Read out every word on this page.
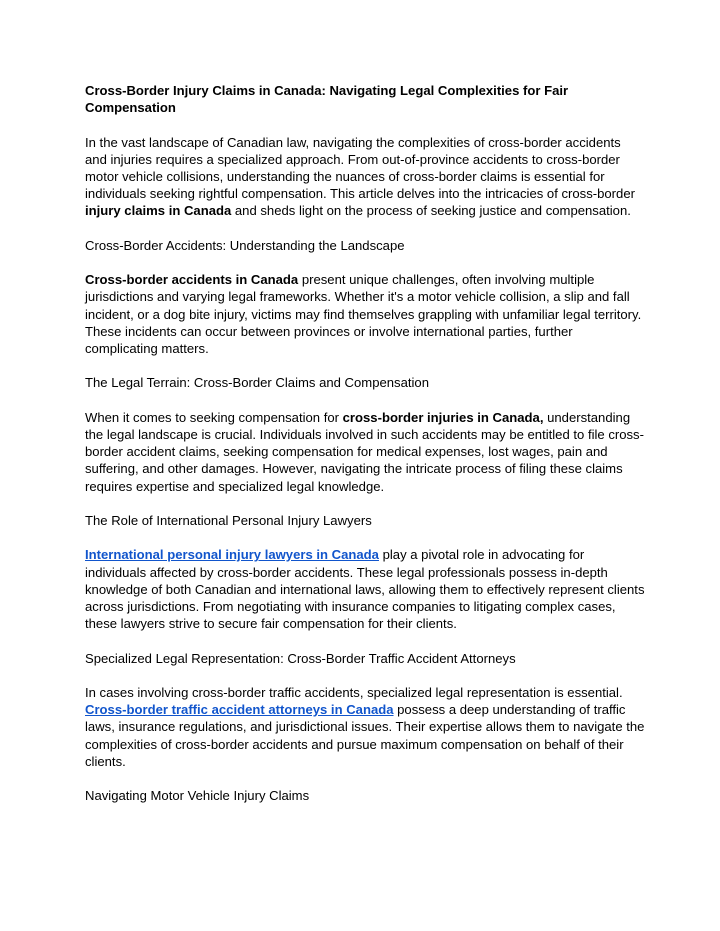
Cross-Border Injury Claims in Canada: Navigating Legal Complexities for Fair Compensation

In the vast landscape of Canadian law, navigating the complexities of cross-border accidents and injuries requires a specialized approach. From out-of-province accidents to cross-border motor vehicle collisions, understanding the nuances of cross-border claims is essential for individuals seeking rightful compensation. This article delves into the intricacies of cross-border injury claims in Canada and sheds light on the process of seeking justice and compensation.

Cross-Border Accidents: Understanding the Landscape

Cross-border accidents in Canada present unique challenges, often involving multiple jurisdictions and varying legal frameworks. Whether it's a motor vehicle collision, a slip and fall incident, or a dog bite injury, victims may find themselves grappling with unfamiliar legal territory. These incidents can occur between provinces or involve international parties, further complicating matters.

The Legal Terrain: Cross-Border Claims and Compensation

When it comes to seeking compensation for cross-border injuries in Canada, understanding the legal landscape is crucial. Individuals involved in such accidents may be entitled to file cross-border accident claims, seeking compensation for medical expenses, lost wages, pain and suffering, and other damages. However, navigating the intricate process of filing these claims requires expertise and specialized legal knowledge.

The Role of International Personal Injury Lawyers

International personal injury lawyers in Canada play a pivotal role in advocating for individuals affected by cross-border accidents. These legal professionals possess in-depth knowledge of both Canadian and international laws, allowing them to effectively represent clients across jurisdictions. From negotiating with insurance companies to litigating complex cases, these lawyers strive to secure fair compensation for their clients.

Specialized Legal Representation: Cross-Border Traffic Accident Attorneys

In cases involving cross-border traffic accidents, specialized legal representation is essential. Cross-border traffic accident attorneys in Canada possess a deep understanding of traffic laws, insurance regulations, and jurisdictional issues. Their expertise allows them to navigate the complexities of cross-border accidents and pursue maximum compensation on behalf of their clients.

Navigating Motor Vehicle Injury Claims
